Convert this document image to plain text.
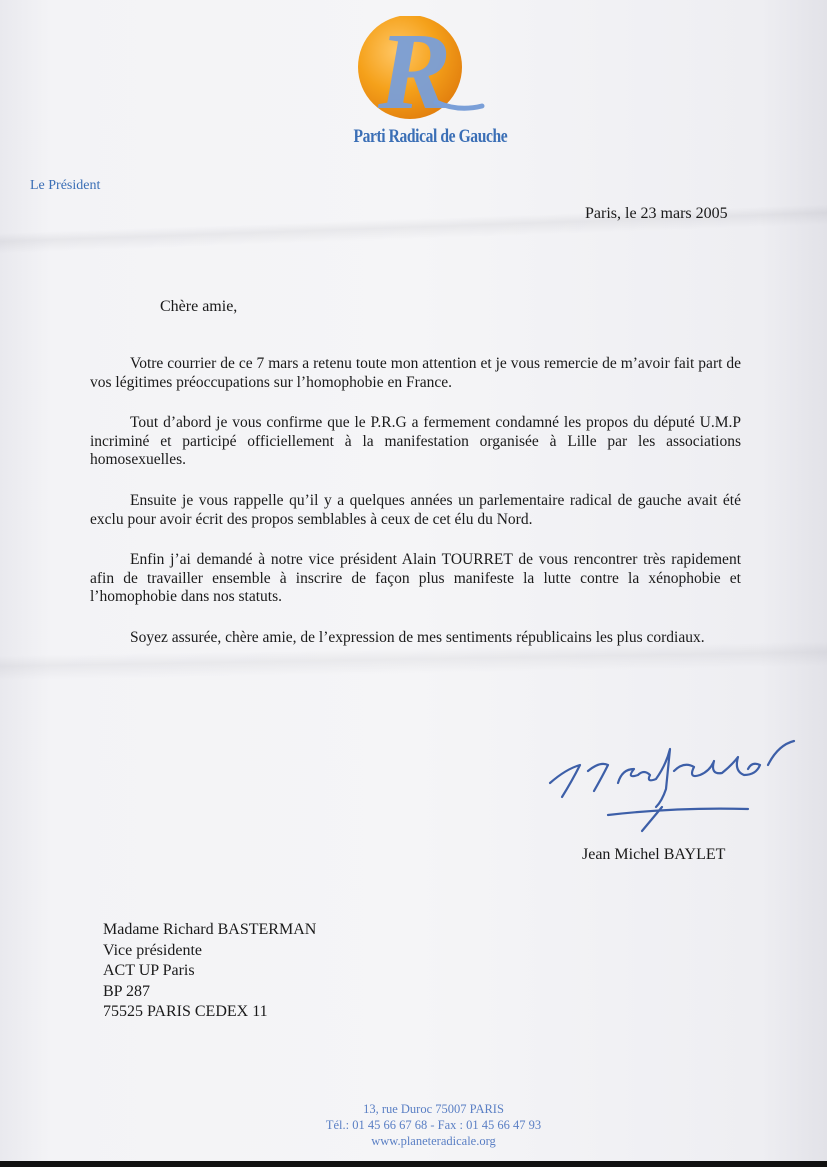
R
Parti Radical de Gauche
Le Président
Paris, le 23 mars 2005
Chère amie,

Votre courrier de ce 7 mars a retenu toute mon attention et je vous remercie de m’avoir fait part de vos légitimes préoccupations sur l’homophobie en France.

Tout d’abord je vous confirme que le P.R.G a fermement condamné les propos du député U.M.P incriminé et participé officiellement à la manifestation organisée à Lille par les associations homosexuelles.

Ensuite je vous rappelle qu’il y a quelques années un parlementaire radical de gauche avait été exclu pour avoir écrit des propos semblables à ceux de cet élu du Nord.

Enfin j’ai demandé à notre vice président Alain TOURRET de vous rencontrer très rapidement afin de travailler ensemble à inscrire de façon plus manifeste la lutte contre la xénophobie et l’homophobie dans nos statuts.

Soyez assurée, chère amie, de l’expression de mes sentiments républicains les plus cordiaux.

Jean Michel BAYLET
Madame Richard BASTERMAN
Vice présidente
ACT UP Paris
BP 287
75525 PARIS CEDEX 11
13, rue Duroc 75007 PARIS
Tél.: 01 45 66 67 68 - Fax : 01 45 66 47 93
www.planeteradicale.org
